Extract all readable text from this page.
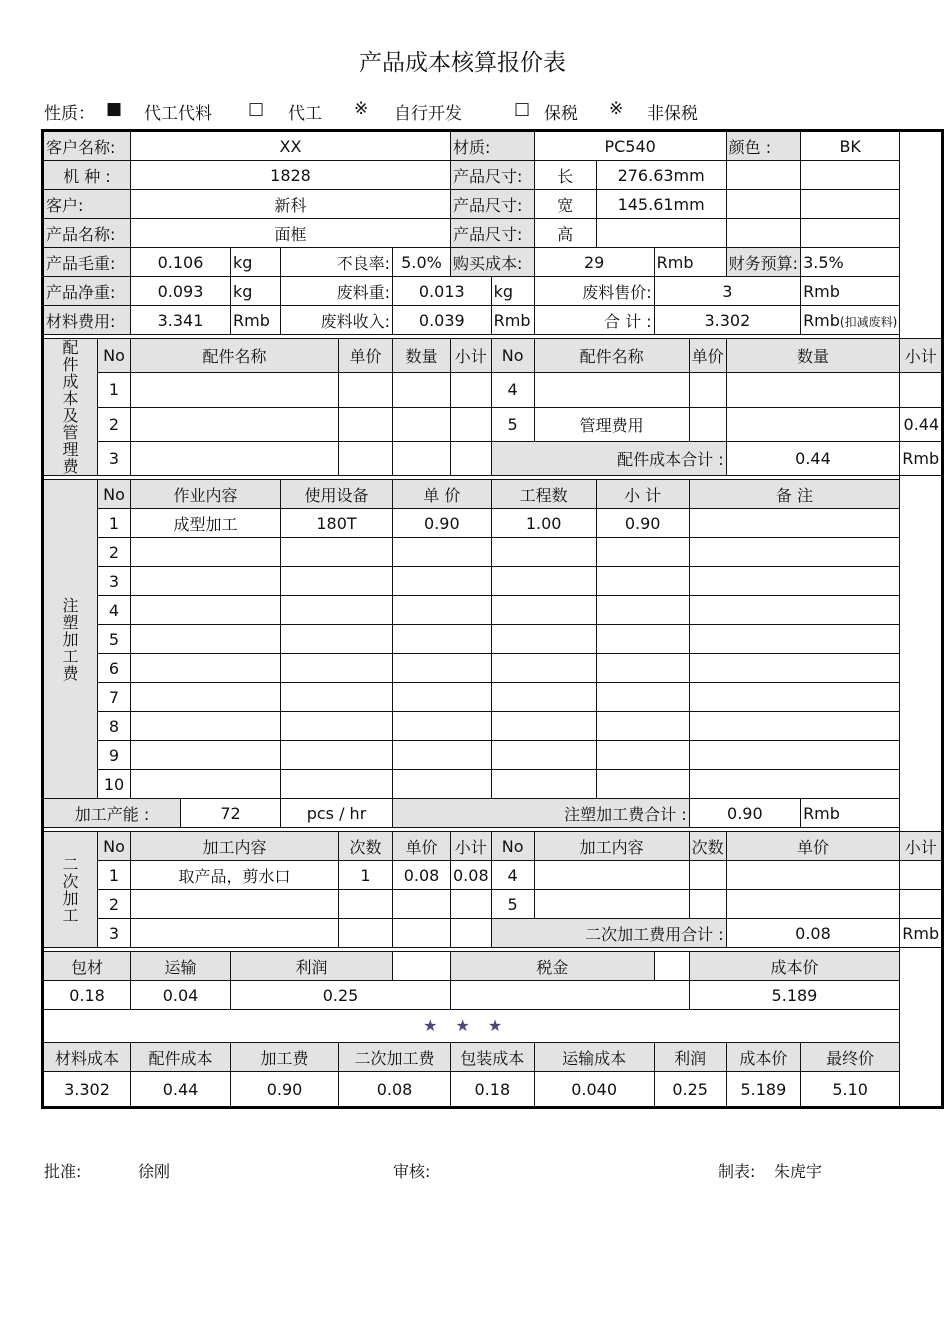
产品成本核算报价表
性质： ■ 代工代料 □ 代工 ※ 自行开发	□ 保税 ※ 非保税
客户名称:		XX						材质:		PC540				颜色 :	BK	
机 种 :		1828						产品尺寸:		长	276.63mm					
客户:		新科						产品尺寸:		宽	145.61mm					
产品名称:		面框						产品尺寸:		高						
产品毛重:		0.106		kg	不良率:		5.0%	购买成本:		29		Rmb		财务预算:	3.5%	
产品净重:		0.093		kg	废料重:		0.013		kg	废料售价:		3			Rmb	
材料费用:		3.341		Rmb	废料收入:		0.039		Rmb	合 计 :		3.302			Rmb(扣减废料)	

配件成本及管理费	No	配件名称				单价	数量	小计	No	配件名称			单价	数量		小计
	1								4							
	2								5	管理费用						0.44
	3								配件成本合计 :					0.44		Rmb

注塑加工费	No	作业内容			使用设备		单 价		工程数		小 计		备 注			
	1	成型加工			180T		0.90		1.00		0.90					
	2															
	3															
	4															
	5															
	6															
	7															
	8															
	9															
	10															
加工产能 :			72		pcs / hr		注塑加工费合计 :						0.90		Rmb	

二次加工	No	加工内容				次数	单价	小计	No	加工内容			次数	单价		小计
	1	取产品，剪水口				1	0.08	0.08	4							
	2								5							
	3								二次加工费用合计 :					0.08		Rmb

包材		运输		利润				税金					成本价			
0.18		0.04		0.25									5.189			
★★★																
材料成本		配件成本		加工费		二次加工费		包装成本		运输成本		利润		成本价	最终价	
3.302		0.44		0.90		0.08		0.18		0.040		0.25		5.189	5.10	
批准:	徐刚	审核:	制表: 朱虎宇
